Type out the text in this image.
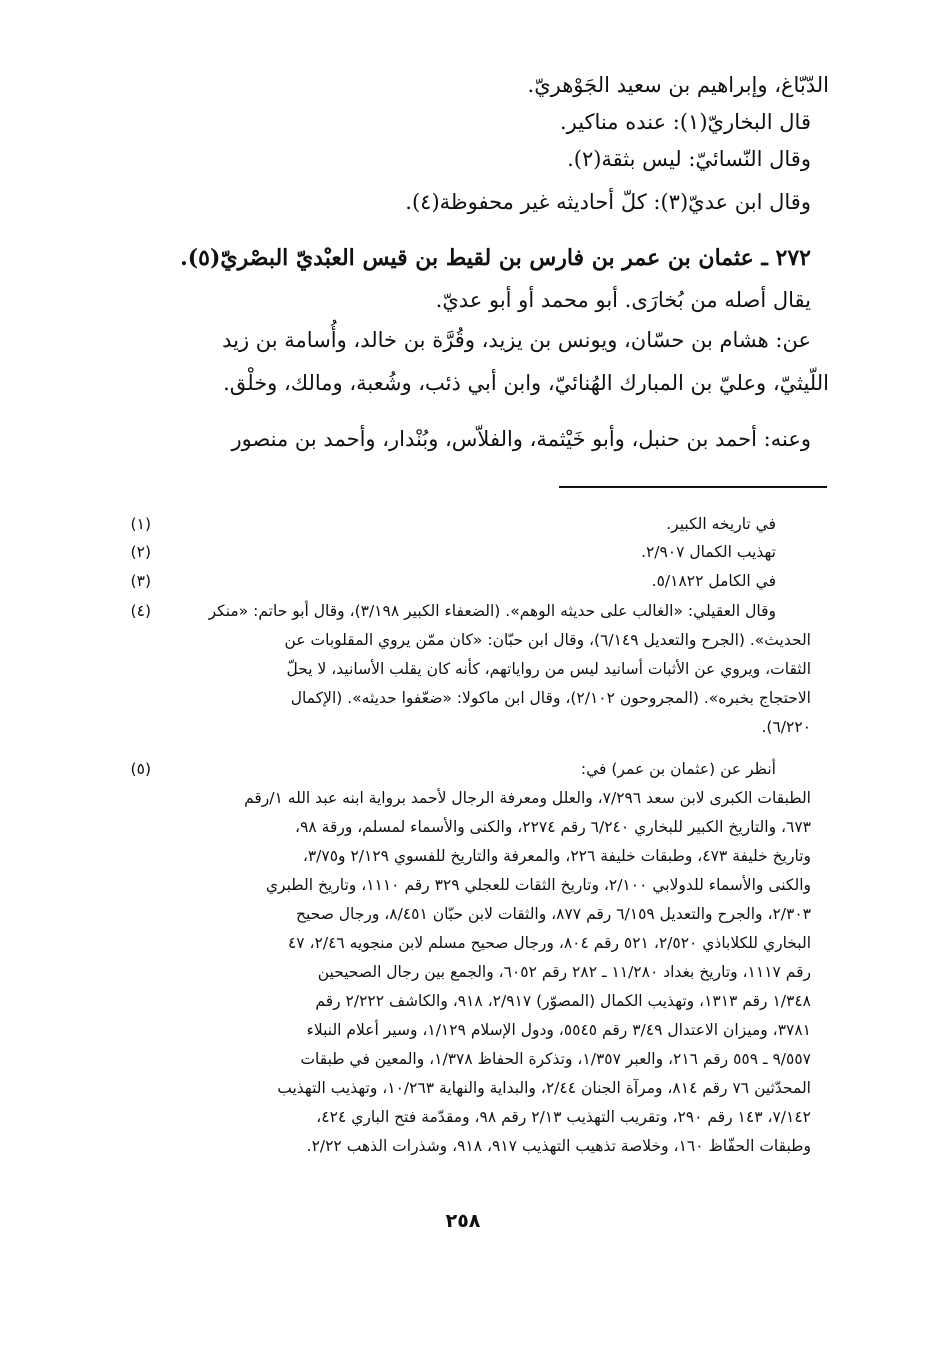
الدّبّاغ، وإبراهيم بن سعيد الجَوْهريّ.
قال البخاريّ(١): عنده مناكير.
وقال النّسائيّ: ليس بثقة(٢).
وقال ابن عديّ(٣): كلّ أحاديثه غير محفوظة(٤).
٢٧٢ ـ عثمان بن عمر بن فارس بن لقيط بن قيس العبْديّ البصْريّ(٥).
يقال أصله من بُخارَى. أبو محمد أو أبو عديّ.
عن: هشام بن حسّان، ويونس بن يزيد، وقُرَّة بن خالد، وأُسامة بن زيد
اللّيثيّ، وعليّ بن المبارك الهُنائيّ، وابن أبي ذئب، وشُعبة، ومالك، وخلْق.
وعنه: أحمد بن حنبل، وأبو خَيْثمة، والفلاّس، وبُنْدار، وأحمد بن منصور
(١)	في تاريخه الكبير.
(٢)	تهذيب الكمال ٢/٩٠٧.
(٣)	في الكامل ٥/١٨٢٢.
(٤)	وقال العقيلي: «الغالب على حديثه الوهم». (الضعفاء الكبير ٣/١٩٨)، وقال أبو حاتم: «منكر
الحديث». (الجرح والتعديل ٦/١٤٩)، وقال ابن حبّان: «كان ممّن يروي المقلوبات عن
الثقات، ويروي عن الأثبات أسانيد ليس من رواياتهم، كأنه كان يقلب الأسانيد، لا يحلّ
الاحتجاج بخبره». (المجروحون ٢/١٠٢)، وقال ابن ماكولا: «ضعّفوا حديثه». (الإكمال
٦/٢٢٠).
(٥)	أنظر عن (عثمان بن عمر) في:
الطبقات الكبرى لابن سعد ٧/٢٩٦، والعلل ومعرفة الرجال لأحمد برواية ابنه عبد الله ١/رقم
٦٧٣، والتاريخ الكبير للبخاري ٦/٢٤٠ رقم ٢٢٧٤، والكنى والأسماء لمسلم، ورقة ٩٨،
وتاريخ خليفة ٤٧٣، وطبقات خليفة ٢٢٦، والمعرفة والتاريخ للفسوي ٢/١٢٩ و٣/٧٥،
والكنى والأسماء للدولابي ٢/١٠٠، وتاريخ الثقات للعجلي ٣٢٩ رقم ١١١٠، وتاريخ الطبري
٢/٣٠٣، والجرح والتعديل ٦/١٥٩ رقم ٨٧٧، والثقات لابن حبّان ٨/٤٥١، ورجال صحيح
البخاري للكلاباذي ٢/٥٢٠، ٥٢١ رقم ٨٠٤، ورجال صحيح مسلم لابن منجويه ٢/٤٦، ٤٧
رقم ١١١٧، وتاريخ بغداد ١١/٢٨٠ ـ ٢٨٢ رقم ٦٠٥٢، والجمع بين رجال الصحيحين
١/٣٤٨ رقم ١٣١٣، وتهذيب الكمال (المصوّر) ٢/٩١٧، ٩١٨، والكاشف ٢/٢٢٢ رقم
٣٧٨١، وميزان الاعتدال ٣/٤٩ رقم ٥٥٤٥، ودول الإسلام ١/١٢٩، وسير أعلام النبلاء
٩/٥٥٧ ـ ٥٥٩ رقم ٢١٦، والعبر ١/٣٥٧، وتذكرة الحفاظ ١/٣٧٨، والمعين في طبقات
المحدّثين ٧٦ رقم ٨١٤، ومرآة الجنان ٢/٤٤، والبداية والنهاية ١٠/٢٦٣، وتهذيب التهذيب
٧/١٤٢، ١٤٣ رقم ٢٩٠، وتقريب التهذيب ٢/١٣ رقم ٩٨، ومقدّمة فتح الباري ٤٢٤،
وطبقات الحفّاظ ١٦٠، وخلاصة تذهيب التهذيب ٩١٧، ٩١٨، وشذرات الذهب ٢/٢٢.
٢٥٨
